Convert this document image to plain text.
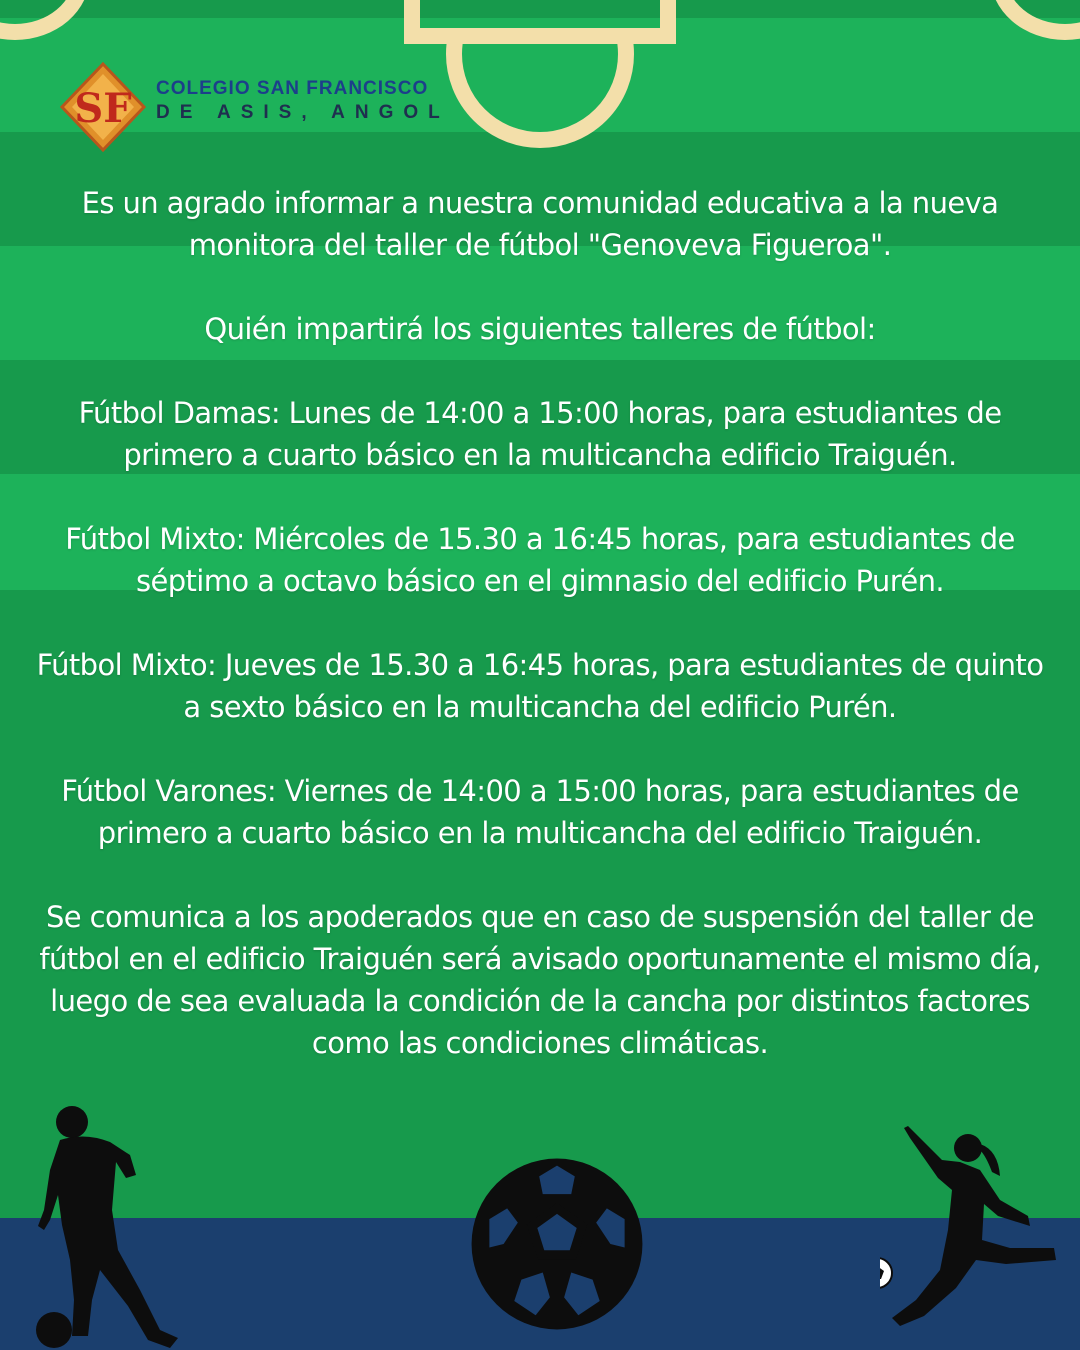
SF COLEGIO SAN FRANCISCO
DE ASIS, ANGOL

Es un agrado informar a nuestra comunidad educativa a la nueva monitora del taller de fútbol "Genoveva Figueroa".

Quién impartirá los siguientes talleres de fútbol:

Fútbol Damas: Lunes de 14:00 a 15:00 horas, para estudiantes de primero a cuarto básico en la multicancha edificio Traiguén.

Fútbol Mixto: Miércoles de 15.30 a 16:45 horas, para estudiantes de séptimo a octavo básico en el gimnasio del edificio Purén.

Fútbol Mixto: Jueves de 15.30 a 16:45 horas, para estudiantes de quinto a sexto básico en la multicancha del edificio Purén.

Fútbol Varones: Viernes de 14:00 a 15:00 horas, para estudiantes de primero a cuarto básico en la multicancha del edificio Traiguén.

Se comunica a los apoderados que en caso de suspensión del taller de fútbol en el edificio Traiguén será avisado oportunamente el mismo día, luego de sea evaluada la condición de la cancha por distintos factores como las condiciones climáticas.
